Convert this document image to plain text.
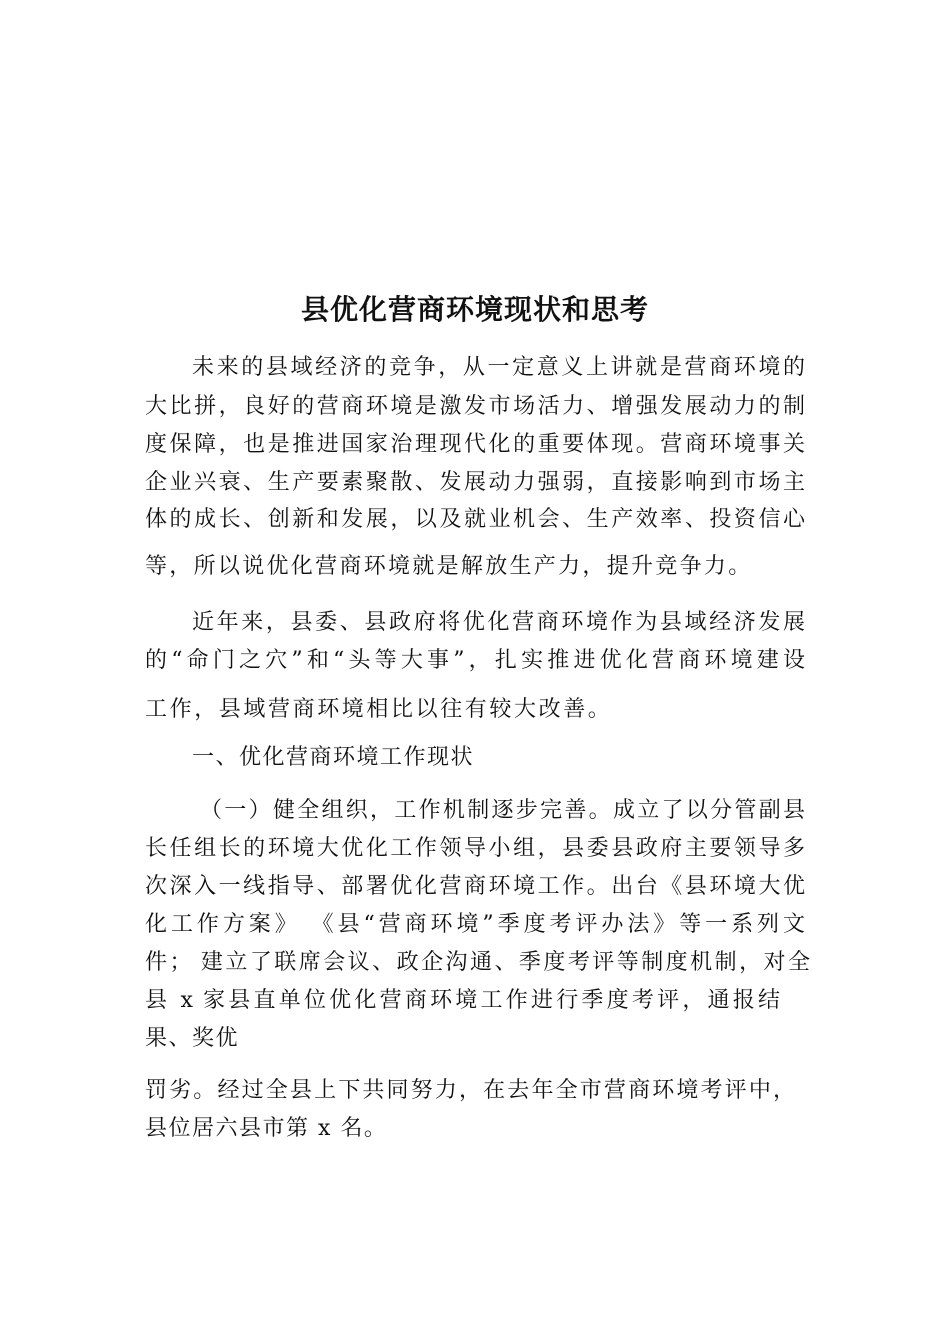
县优化营商环境现状和思考
未来的县域经济的竞争，从一定意义上讲就是营商环境的
大比拼，良好的营商环境是激发市场活力、增强发展动力的制
度保障，也是推进国家治理现代化的重要体现。营商环境事关
企业兴衰、生产要素聚散、发展动力强弱，直接影响到市场主
体的成长、创新和发展，以及就业机会、生产效率、投资信心
等，所以说优化营商环境就是解放生产力，提升竞争力。
近年来，县委、县政府将优化营商环境作为县域经济发展
的“命门之穴”和“头等大事”，扎实推进优化营商环境建设
工作，县域营商环境相比以往有较大改善。
一、优化营商环境工作现状
（一）健全组织，工作机制逐步完善。成立了以分管副县
长任组长的环境大优化工作领导小组，县委县政府主要领导多
次深入一线指导、部署优化营商环境工作。出台《县环境大优
化工作方案》 《县“营商环境”季度考评办法》等一系列文
件； 建立了联席会议、政企沟通、季度考评等制度机制，对全
县 x 家县直单位优化营商环境工作进行季度考评，通报结
果、奖优
罚劣。经过全县上下共同努力，在去年全市营商环境考评中，
县位居六县市第 x 名。
